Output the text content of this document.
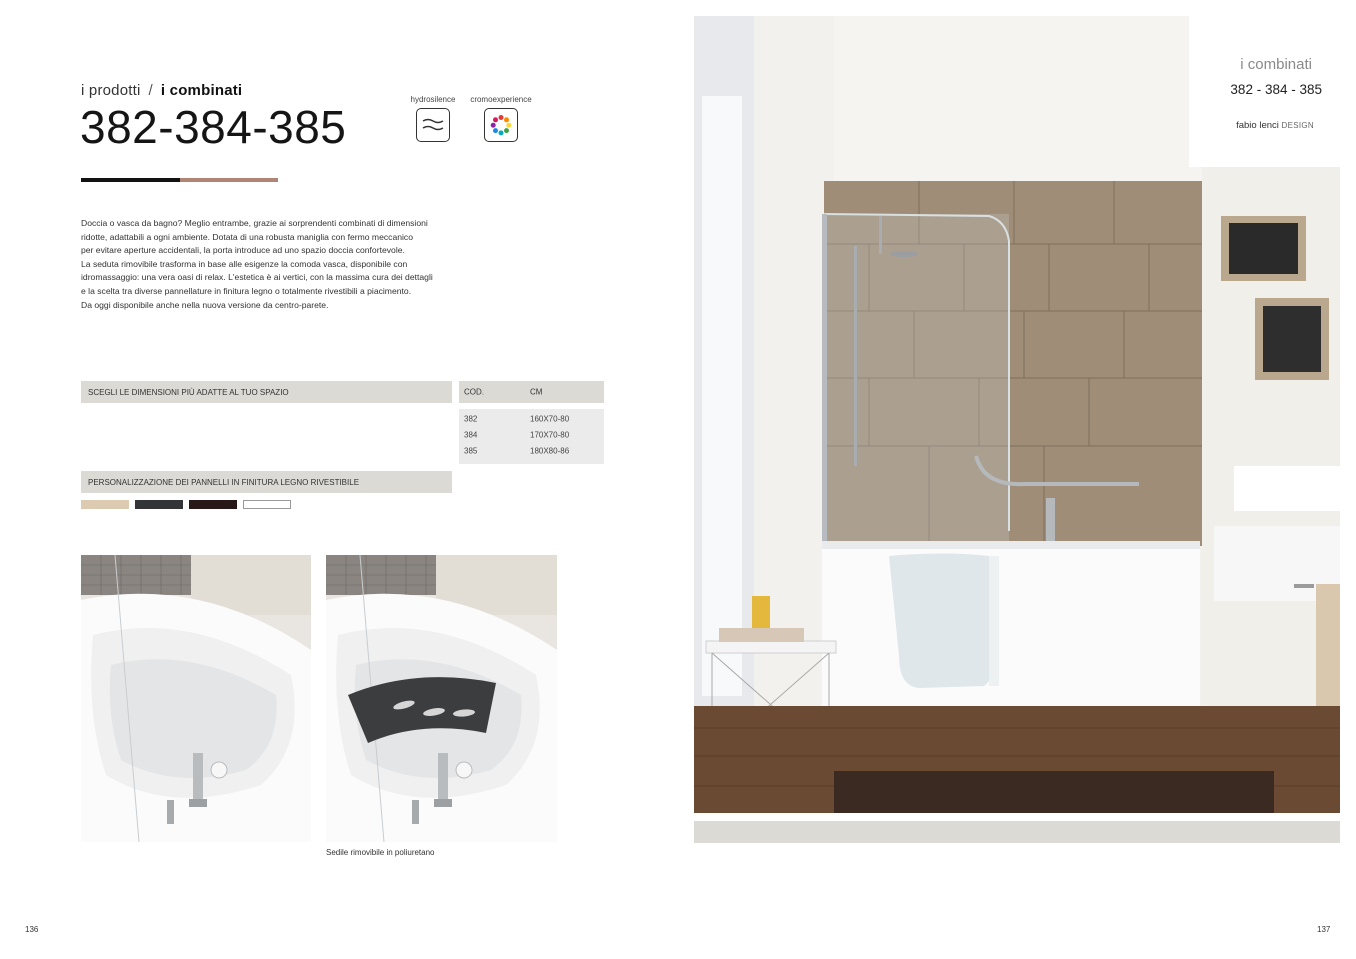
i prodotti / i combinati
382-384-385
hydrosilence	cromoexperience

Doccia o vasca da bagno? Meglio entrambe, grazie ai sorprendenti combinati di dimensioni

ridotte, adattabili a ogni ambiente. Dotata di una robusta maniglia con fermo meccanico

per evitare aperture accidentali, la porta introduce ad uno spazio doccia confortevole.

La seduta rimovibile trasforma in base alle esigenze la comoda vasca, disponibile con

idromassaggio: una vera oasi di relax. L'estetica è ai vertici, con la massima cura dei dettagli

e la scelta tra diverse pannellature in finitura legno o totalmente rivestibili a piacimento.

Da oggi disponibile anche nella nuova versione da centro-parete.

SCEGLI LE DIMENSIONI PIÙ ADATTE AL TUO SPAZIO	COD.	CM
382	160X70-80
384	170X70-80
385	180X80-86
PERSONALIZZAZIONE DEI PANNELLI IN FINITURA LEGNO RIVESTIBILE
Sedile rimovibile in poliuretano
136
i combinati
382 - 384 - 385
fabio lenci DESIGN
137
